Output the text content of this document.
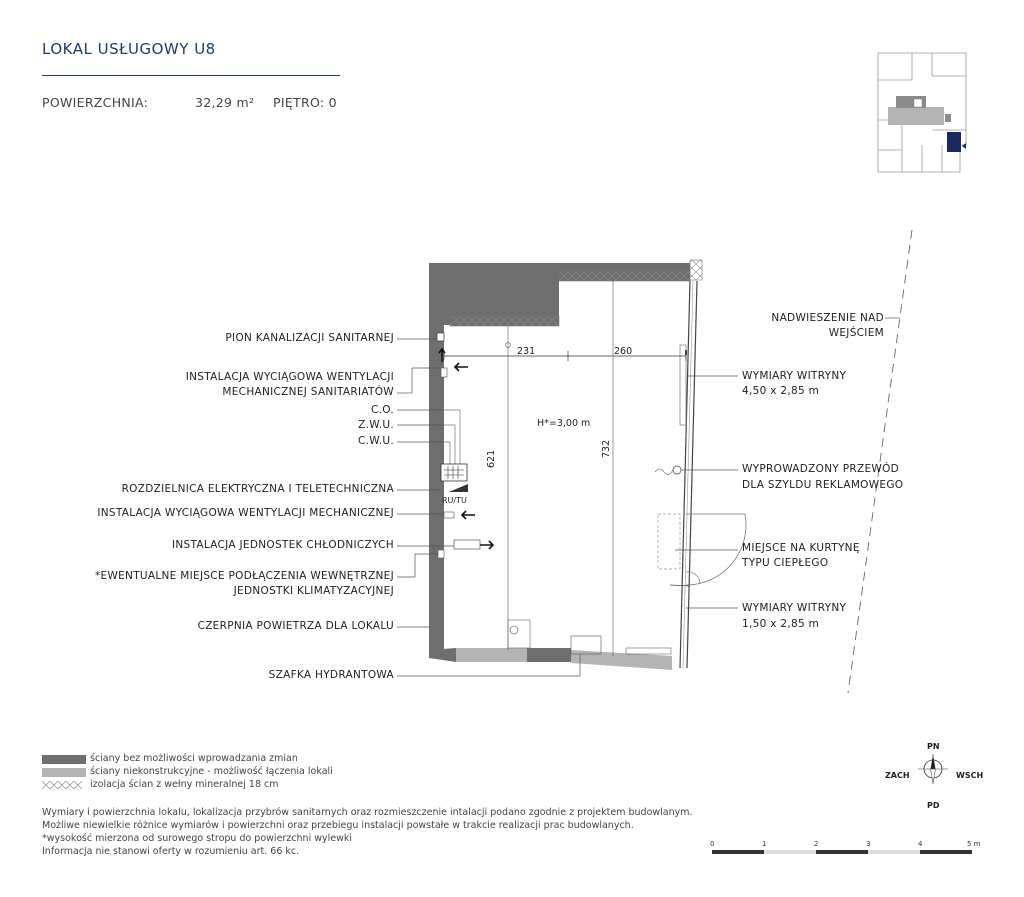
LOKAL USŁUGOWY U8
POWIERZCHNIA:	32,29 m² PIĘTRO: 0
H*=3,00 m
231	260
621
732
RU/TU
PION KANALIZACJI SANITARNEJ
INSTALACJA WYCIĄGOWA WENTYLACJI
MECHANICZNEJ SANITARIATÓW
C.O.
Z.W.U.
C.W.U.
ROZDZIELNICA ELEKTRYCZNA I TELETECHNICZNA
INSTALACJA WYCIĄGOWA WENTYLACJI MECHANICZNEJ
INSTALACJA JEDNOSTEK CHŁODNICZYCH
*EWENTUALNE MIEJSCE PODŁĄCZENIA WEWNĘTRZNEJ
JEDNOSTKI KLIMATYZACYJNEJ
CZERPNIA POWIETRZA DLA LOKALU
SZAFKA HYDRANTOWA
NADWIESZENIE NAD
WEJŚCIEM
WYMIARY WITRYNY
4,50 x 2,85 m
WYPROWADZONY PRZEWÓD
DLA SZYLDU REKLAMOWEGO
MIEJSCE NA KURTYNĘ
TYPU CIEPŁEGO
WYMIARY WITRYNY
1,50 x 2,85 m
ściany bez możliwości wprowadzania zmian
ściany niekonstrukcyjne - możliwość łączenia lokali
izolacja ścian z wełny mineralnej 18 cm
Wymiary i powierzchnia lokalu, lokalizacja przybrów sanitarnych oraz rozmieszczenie intalacji podano zgodnie z projektem budowlanym.
Możliwe niewielkie różnice wymiarów i powierzchni oraz przebiegu instalacji powstałe w trakcie realizacji prac budowlanych.
*wysokość mierzona od surowego stropu do powierzchni wylewki
Informacja nie stanowi oferty w rozumieniu art. 66 kc.
PN
PD
ZACH	WSCH
0	1	2	3	4	5 m
